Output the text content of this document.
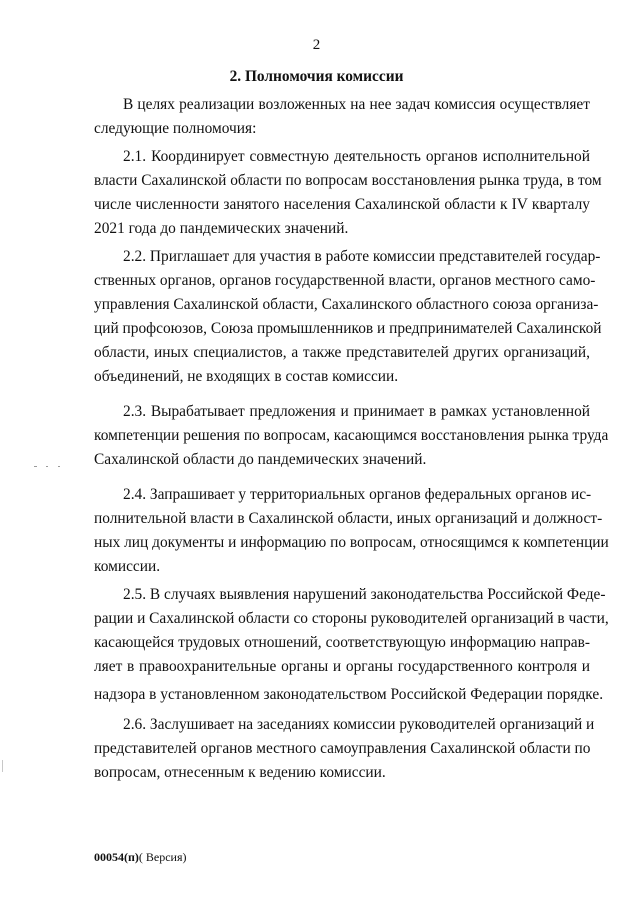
2
2. Полномочия комиссии
В целях реализации возложенных на нее задач комиссия осуществляет
следующие полномочия:
2.1. Координирует совместную деятельность органов исполнительной
власти Сахалинской области по вопросам восстановления рынка труда, в том
числе численности занятого населения Сахалинской области к IV кварталу
2021 года до пандемических значений.
2.2. Приглашает для участия в работе комиссии представителей государ-
ственных органов, органов государственной власти, органов местного само-
управления Сахалинской области, Сахалинского областного союза организа-
ций профсоюзов, Союза промышленников и предпринимателей Сахалинской
области, иных специалистов, а также представителей других организаций,
объединений, не входящих в состав комиссии.
2.3. Вырабатывает предложения и принимает в рамках установленной
компетенции решения по вопросам, касающимся восстановления рынка труда
Сахалинской области до пандемических значений.
2.4. Запрашивает у территориальных органов федеральных органов ис-
полнительной власти в Сахалинской области, иных организаций и должност-
ных лиц документы и информацию по вопросам, относящимся к компетенции
комиссии.
2.5. В случаях выявления нарушений законодательства Российской Феде-
рации и Сахалинской области со стороны руководителей организаций в части,
касающейся трудовых отношений, соответствующую информацию направ-
ляет в правоохранительные органы и органы государственного контроля и
надзора в установленном законодательством Российской Федерации порядке.
2.6. Заслушивает на заседаниях комиссии руководителей организаций и
представителей органов местного самоуправления Сахалинской области по
вопросам, отнесенным к ведению комиссии.
00054(п)( Версия)
